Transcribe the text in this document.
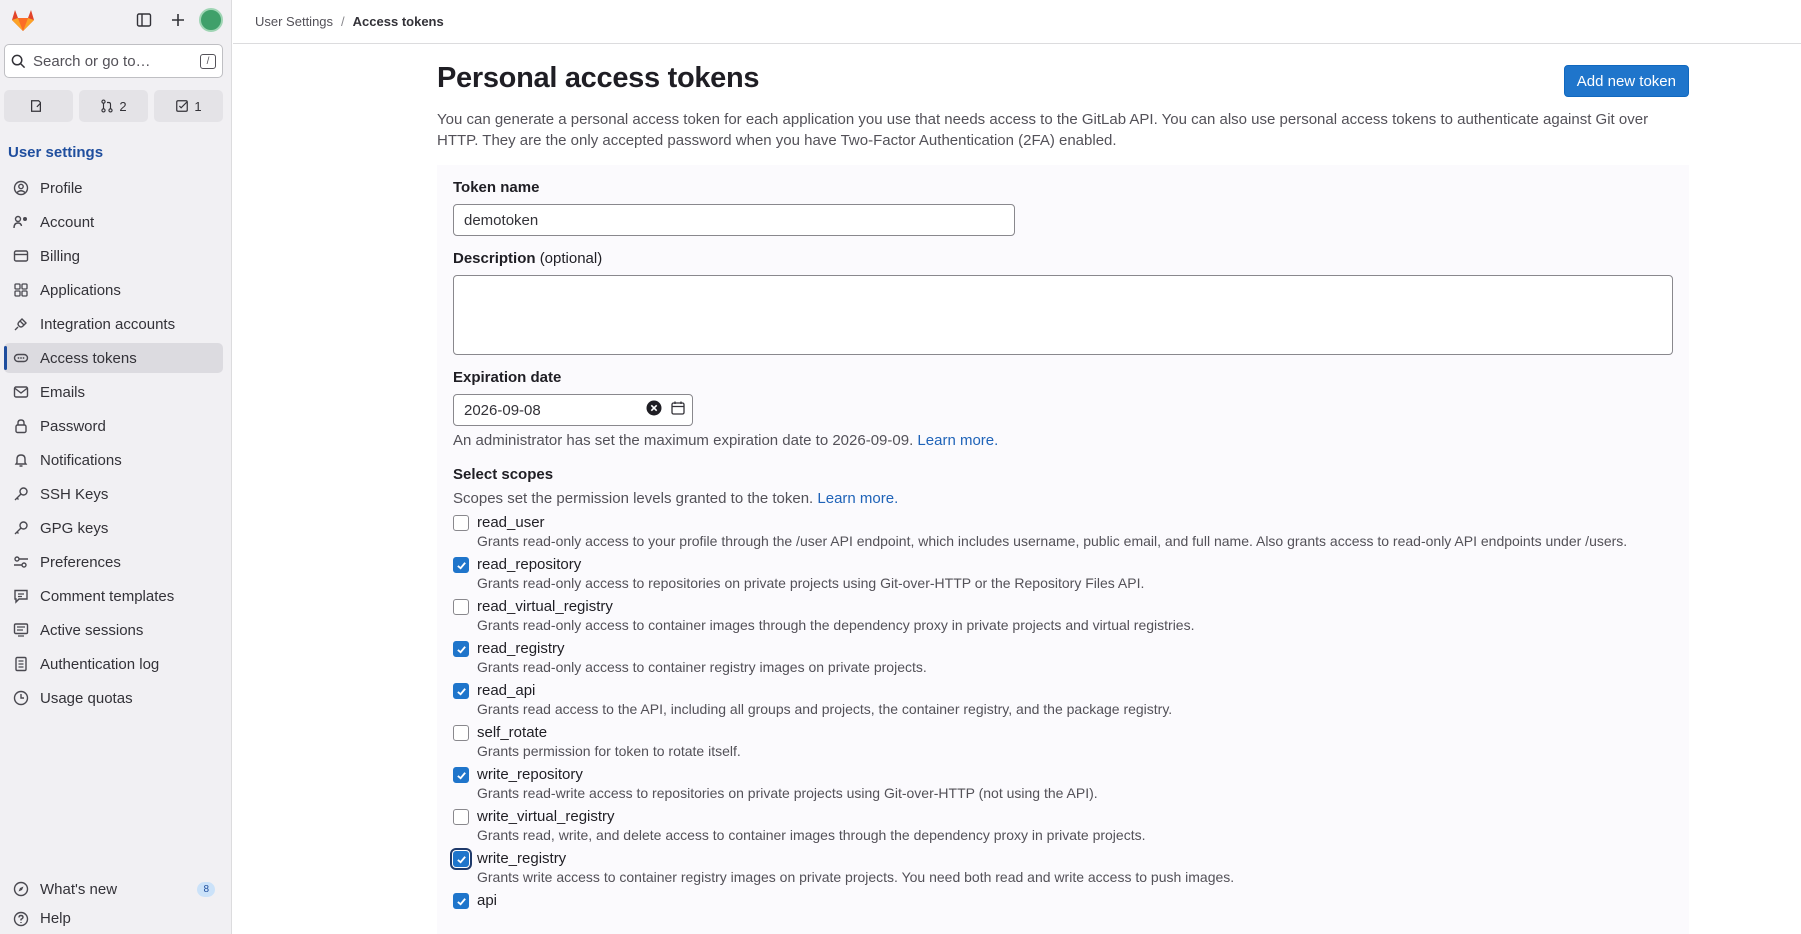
Search or go to…	/
2	1
User settings
Profile
Account
Billing
Applications
Integration accounts
Access tokens
Emails
Password
Notifications
SSH Keys
GPG keys
Preferences
Comment templates
Active sessions
Authentication log
Usage quotas
What's new	8
Help
User Settings / Access tokens
Personal access tokens	Add new token

You can generate a personal access token for each application you use that needs access to the GitLab API. You can also use personal access tokens to authenticate against Git over HTTP. They are the only accepted password when you have Two-Factor Authentication (2FA) enabled.

Token name
demotoken
Description (optional)
Expiration date
2026-09-08
An administrator has set the maximum expiration date to 2026-09-09. Learn more.
Select scopes
Scopes set the permission levels granted to the token. Learn more.
read_user
Grants read-only access to your profile through the /user API endpoint, which includes username, public email, and full name. Also grants access to read-only API endpoints under /users.
read_repository
Grants read-only access to repositories on private projects using Git-over-HTTP or the Repository Files API.
read_virtual_registry
Grants read-only access to container images through the dependency proxy in private projects and virtual registries.
read_registry
Grants read-only access to container registry images on private projects.
read_api
Grants read access to the API, including all groups and projects, the container registry, and the package registry.
self_rotate
Grants permission for token to rotate itself.
write_repository
Grants read-write access to repositories on private projects using Git-over-HTTP (not using the API).
write_virtual_registry
Grants read, write, and delete access to container images through the dependency proxy in private projects.
write_registry
Grants write access to container registry images on private projects. You need both read and write access to push images.
api
